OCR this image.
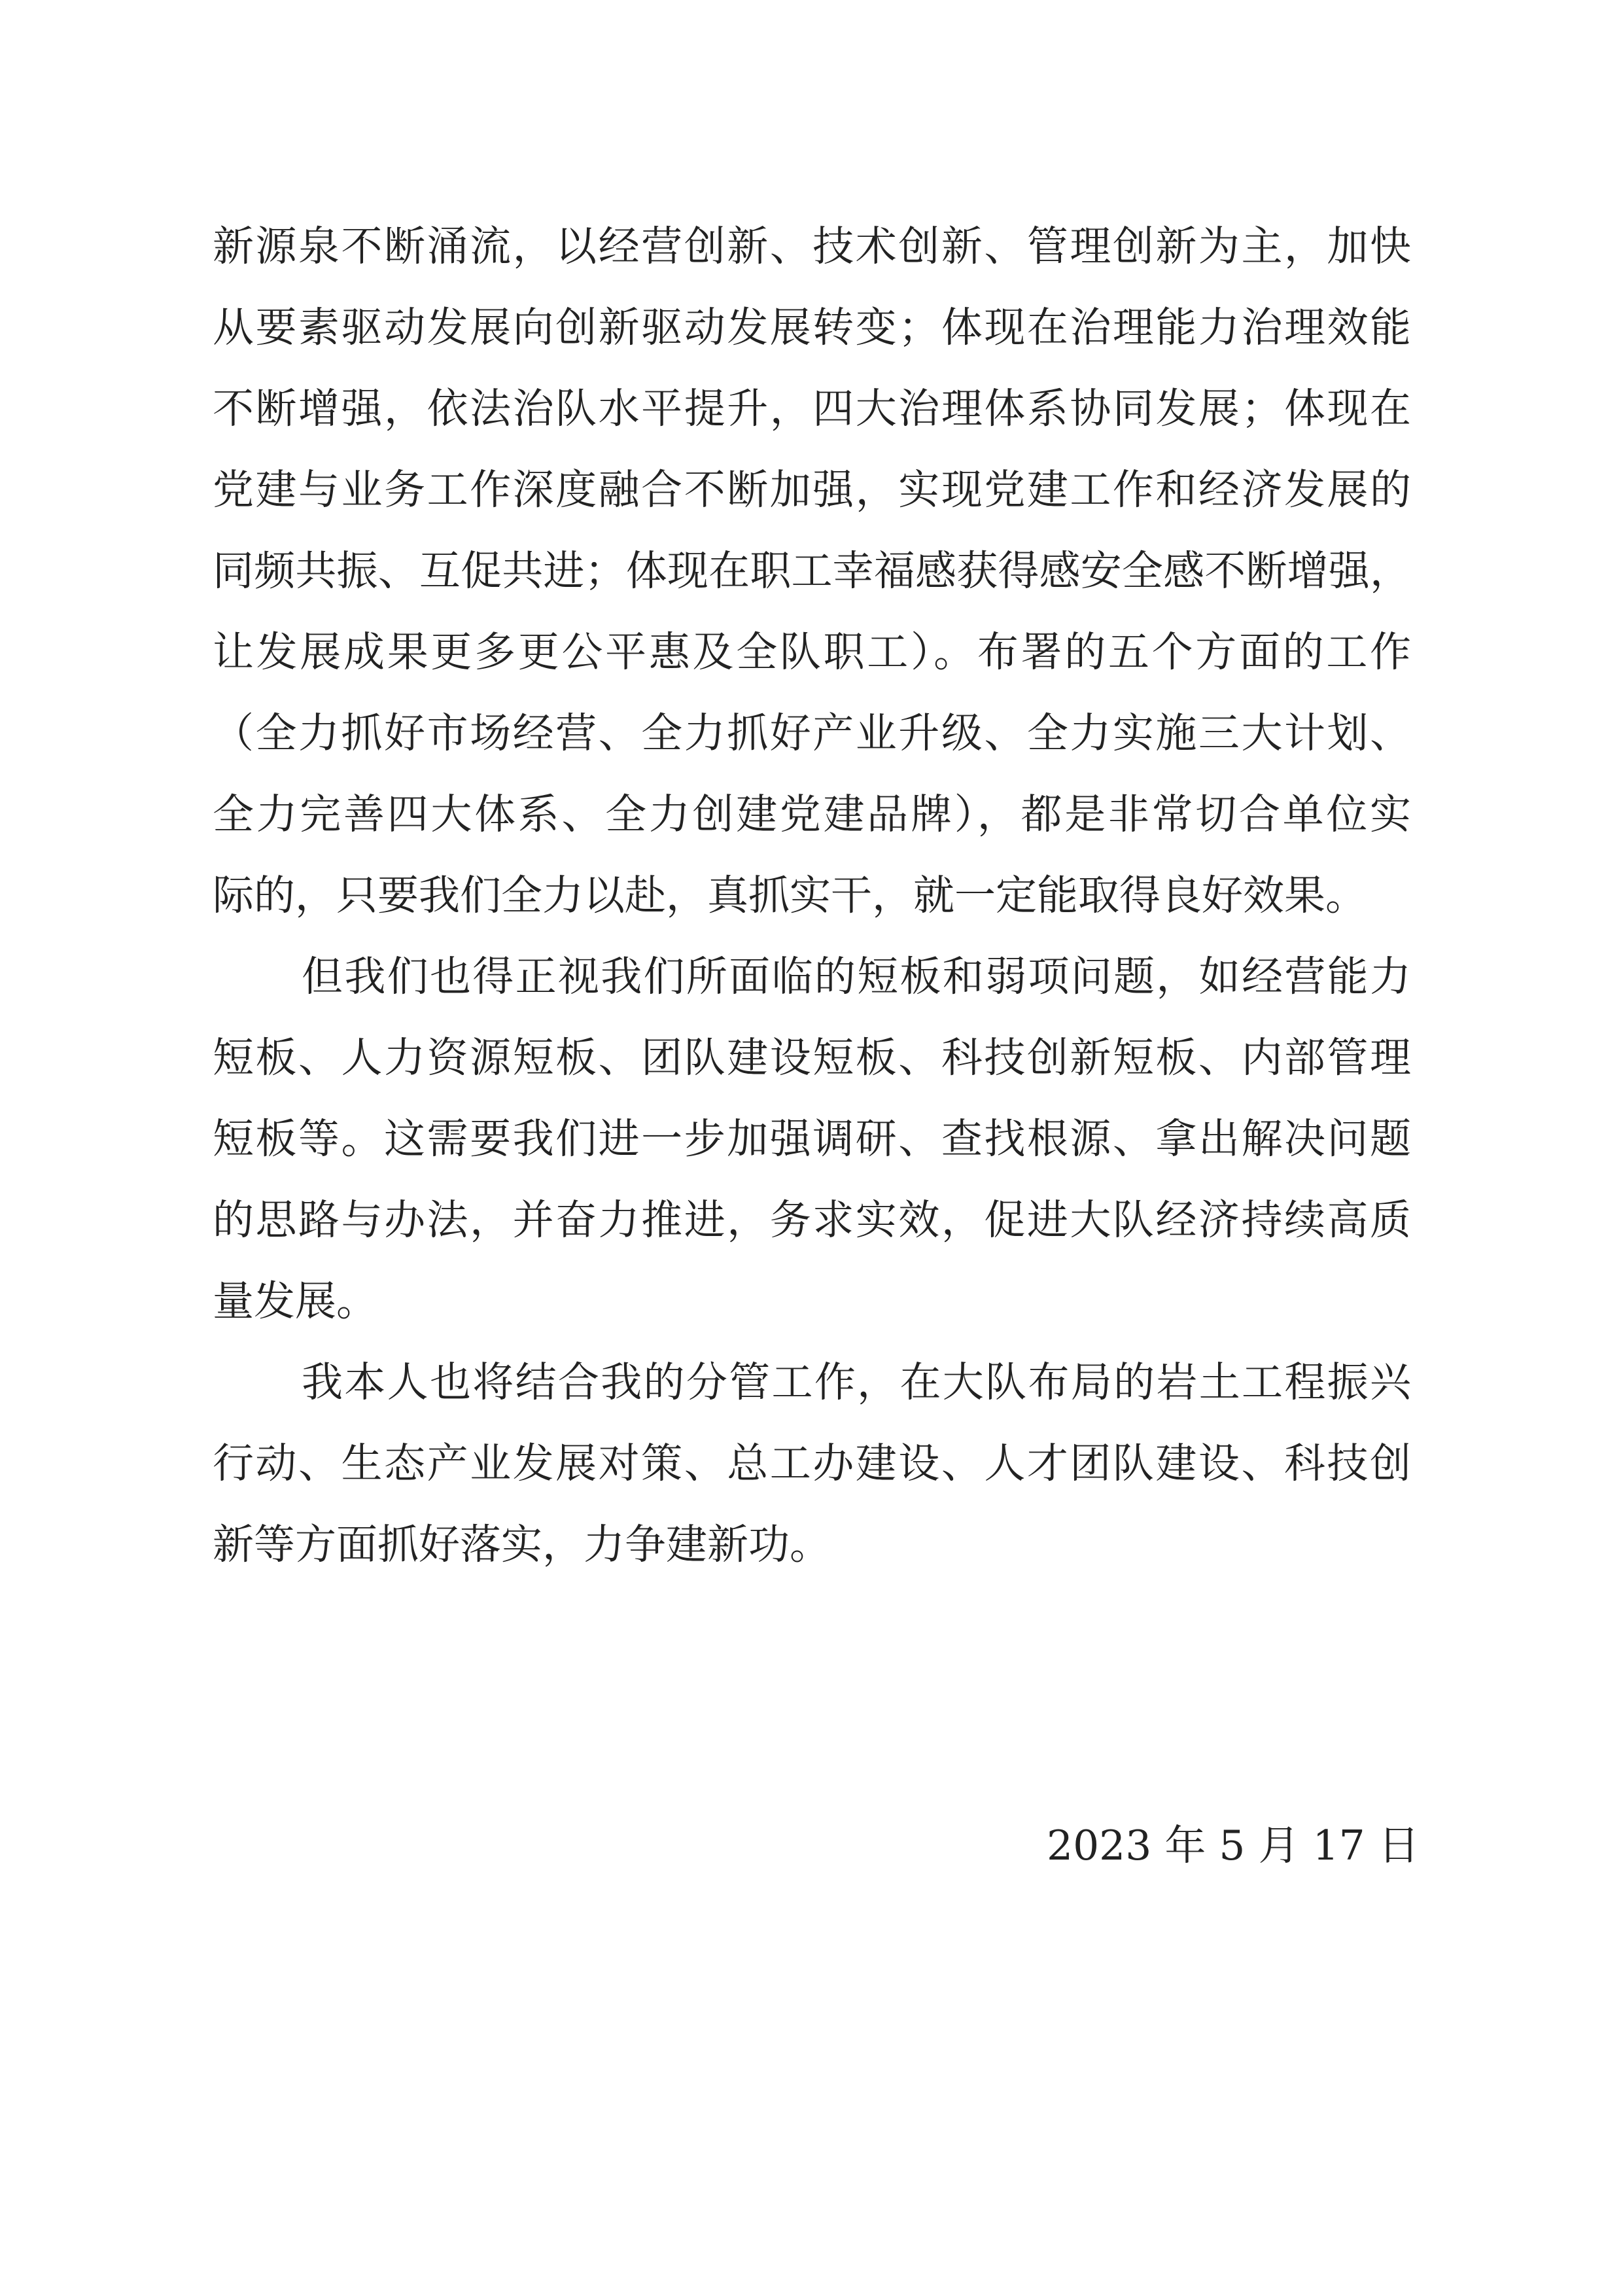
新源泉不断涌流，以经营创新、技术创新、管理创新为主，加快
从要素驱动发展向创新驱动发展转变；体现在治理能力治理效能
不断增强，依法治队水平提升，四大治理体系协同发展；体现在
党建与业务工作深度融合不断加强，实现党建工作和经济发展的
同频共振、互促共进；体现在职工幸福感获得感安全感不断增强，
让发展成果更多更公平惠及全队职工）。布署的五个方面的工作
（全力抓好市场经营、全力抓好产业升级、全力实施三大计划、
全力完善四大体系、全力创建党建品牌），都是非常切合单位实
际的，只要我们全力以赴，真抓实干，就一定能取得良好效果。
但我们也得正视我们所面临的短板和弱项问题，如经营能力
短板、人力资源短板、团队建设短板、科技创新短板、内部管理
短板等。这需要我们进一步加强调研、查找根源、拿出解决问题
的思路与办法，并奋力推进，务求实效，促进大队经济持续高质
量发展。
我本人也将结合我的分管工作，在大队布局的岩土工程振兴
行动、生态产业发展对策、总工办建设、人才团队建设、科技创
新等方面抓好落实，力争建新功。
2023 年 5 月 17 日
